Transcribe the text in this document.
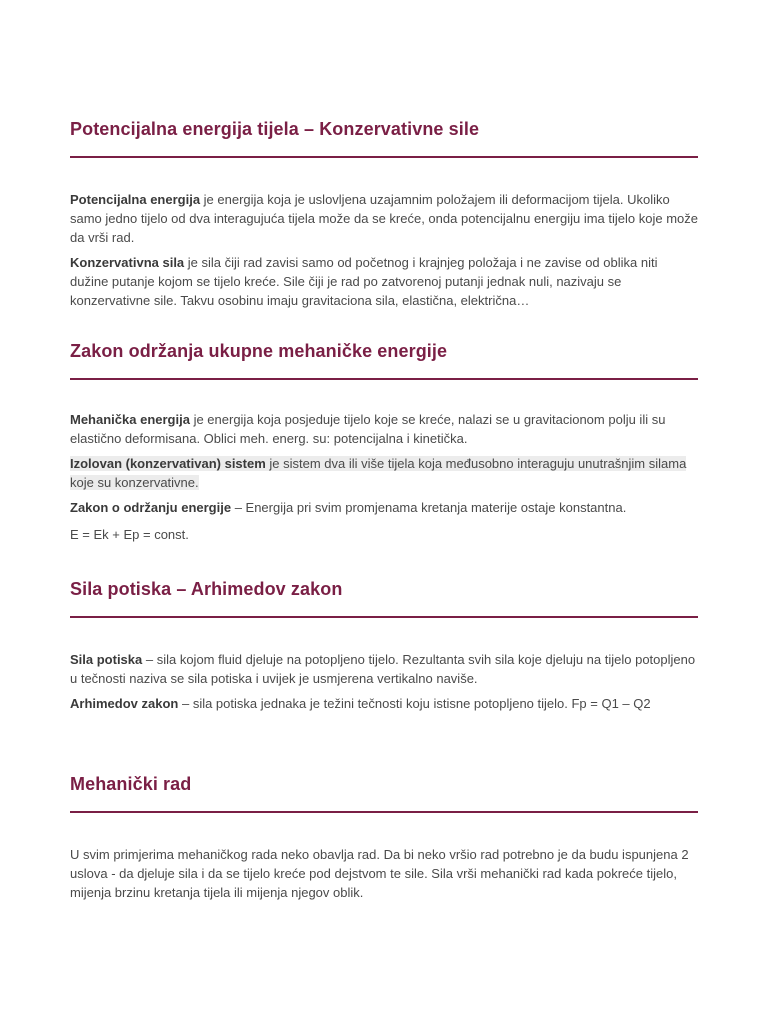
Potencijalna energija tijela – Konzervativne sile

Potencijalna energija je energija koja je uslovljena uzajamnim položajem ili deformacijom tijela. Ukoliko samo jedno tijelo od dva interagujuća tijela može da se kreće, onda potencijalnu energiju ima tijelo koje može da vrši rad.

Konzervativna sila je sila čiji rad zavisi samo od početnog i krajnjeg položaja i ne zavise od oblika niti dužine putanje kojom se tijelo kreće. Sile čiji je rad po zatvorenoj putanji jednak nuli, nazivaju se konzervativne sile. Takvu osobinu imaju gravitaciona sila, elastična, električna…

Zakon održanja ukupne mehaničke energije

Mehanička energija je energija koja posjeduje tijelo koje se kreće, nalazi se u gravitacionom polju ili su elastično deformisana. Oblici meh. energ. su: potencijalna i kinetička.

Izolovan (konzervativan) sistem je sistem dva ili više tijela koja međusobno interaguju unutrašnjim silama koje su konzervativne.

Zakon o održanju energije – Energija pri svim promjenama kretanja materije ostaje konstantna.

E = Ek + Ep = const.

Sila potiska – Arhimedov zakon

Sila potiska – sila kojom fluid djeluje na potopljeno tijelo. Rezultanta svih sila koje djeluju na tijelo potopljeno u tečnosti naziva se sila potiska i uvijek je usmjerena vertikalno naviše.

Arhimedov zakon – sila potiska jednaka je težini tečnosti koju istisne potopljeno tijelo. Fp = Q1 – Q2

Mehanički rad

U svim primjerima mehaničkog rada neko obavlja rad. Da bi neko vršio rad potrebno je da budu ispunjena 2 uslova - da djeluje sila i da se tijelo kreće pod dejstvom te sile. Sila vrši mehanički rad kada pokreće tijelo, mijenja brzinu kretanja tijela ili mijenja njegov oblik.
